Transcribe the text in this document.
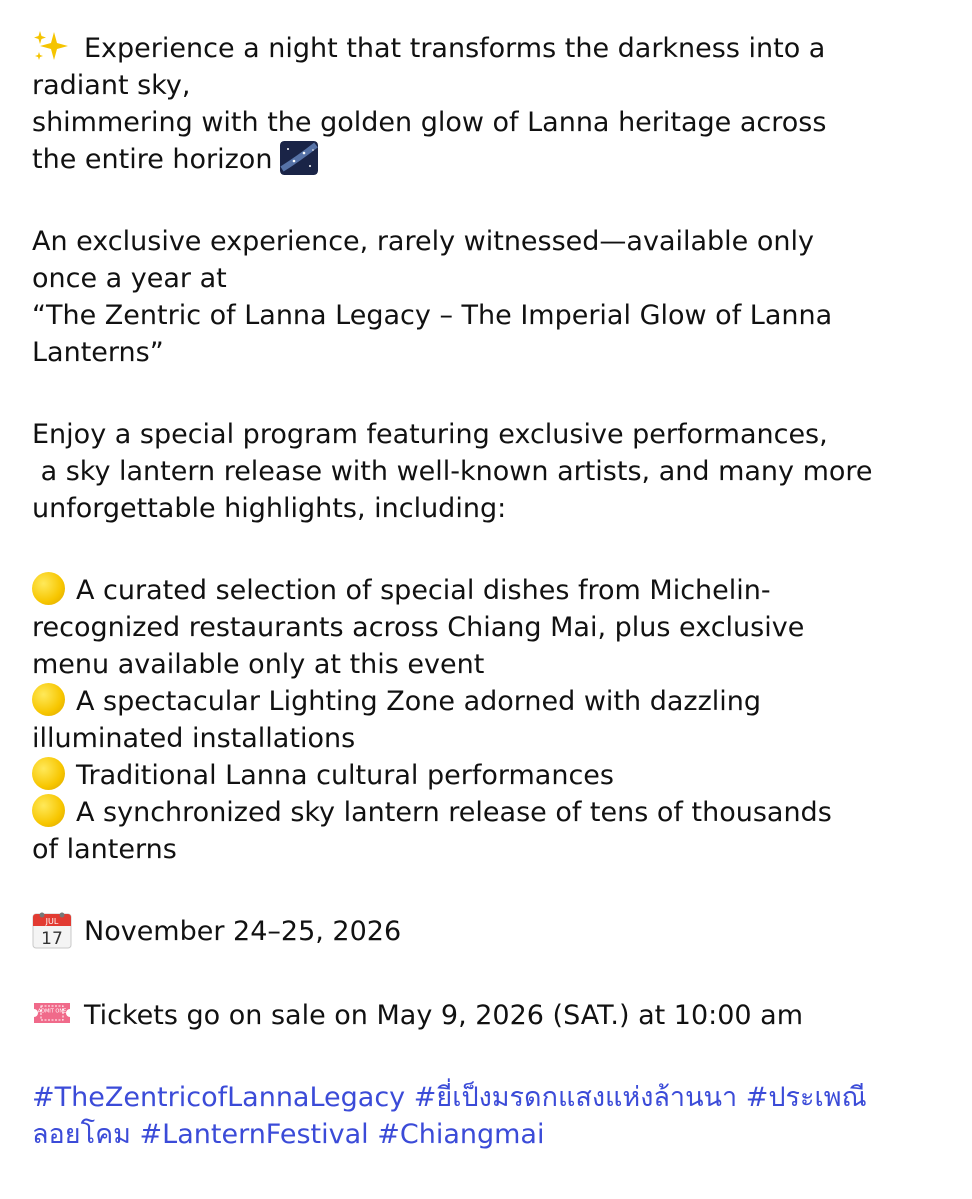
Experience a night that transforms the darkness into a
radiant sky,
shimmering with the golden glow of Lanna heritage across
the entire horizon
An exclusive experience, rarely witnessed—available only
once a year at
“The Zentric of Lanna Legacy – The Imperial Glow of Lanna
Lanterns”
Enjoy a special program featuring exclusive performances,
a sky lantern release with well-known artists, and many more
unforgettable highlights, including:
A curated selection of special dishes from Michelin-
recognized restaurants across Chiang Mai, plus exclusive
menu available only at this event
A spectacular Lighting Zone adorned with dazzling
illuminated installations
Traditional Lanna cultural performances
A synchronized sky lantern release of tens of thousands
of lanterns
JUL
17 November 24–25, 2026
ADMIT ONE Tickets go on sale on May 9, 2026 (SAT.) at 10:00 am
#TheZentricofLannaLegacy #ยี่เป็งมรดกแสงแห่งล้านนา #ประเพณี
ลอยโคม #LanternFestival #Chiangmai
